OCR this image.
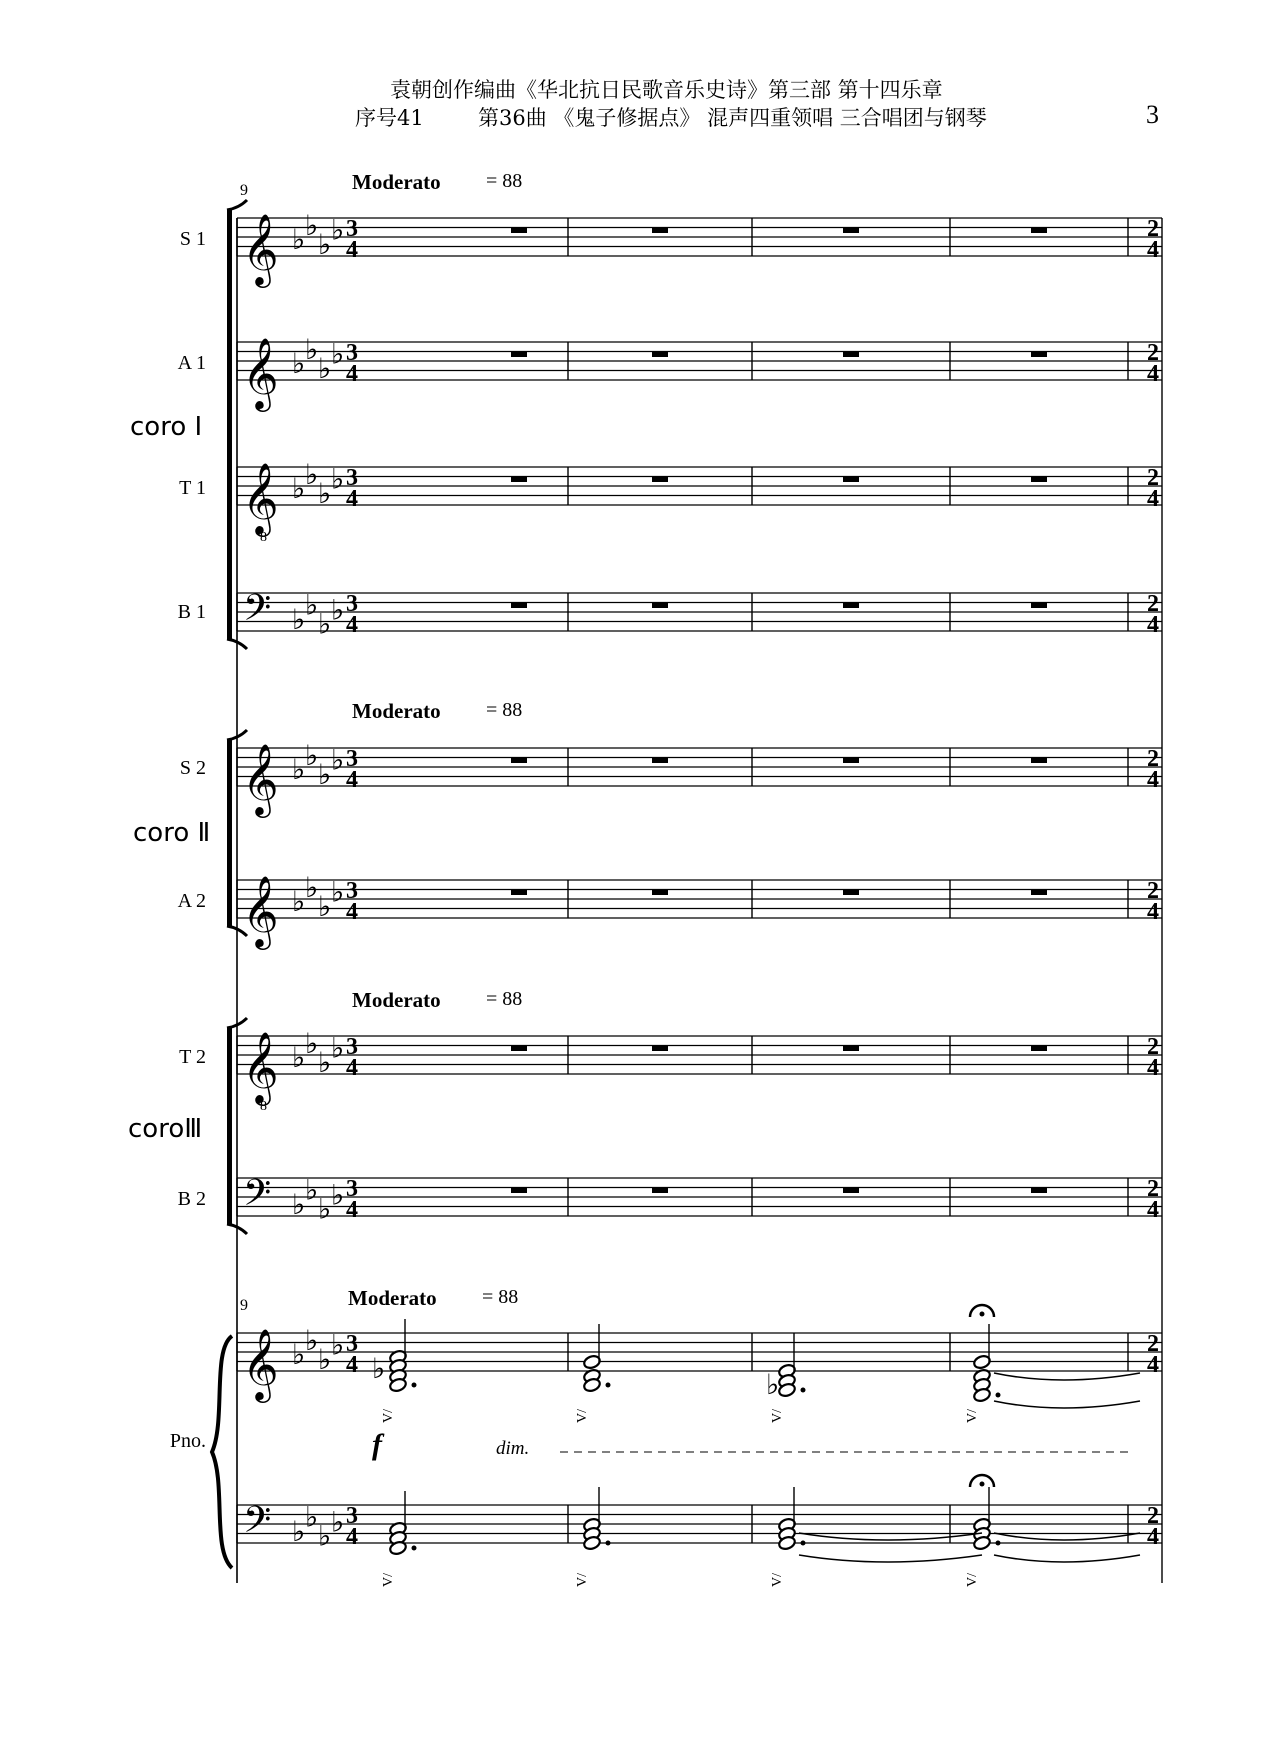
袁朝创作编曲《华北抗日民歌音乐史诗》第三部 第十四乐章
序号41	第36曲 《鬼子修据点》 混声四重领唱 三合唱团与钢琴	3
9
9
Moderato = 88
Moderato = 88
Moderato = 88
Moderato = 88
S 1
A 1
T 1
B 1
S 2
A 2
T 2
B 2
Pno.
coro Ⅰ
coro Ⅱ
coroⅢ
f	dim.
𝄞 ♭ ♭
♭ ♭ 3
4
2
4
𝄞 ♭ ♭
♭ ♭ 3
4
2
4
𝄞
8
♭ ♭
♭ ♭ 3
4
2
4
𝄢 ♭ ♭
♭ ♭ 3
4
2
4
𝄞 ♭ ♭
♭ ♭ 3
4
2
4
𝄞 ♭ ♭
♭ ♭ 3
4
2
4
𝄞
8
♭ ♭
♭ ♭ 3
4
2
4
𝄢 ♭ ♭
♭ ♭ 3
4
2
4
𝄞 ♭ ♭
♭ ♭ 3
4
2
4
𝄢 ♭ ♭
♭ ♭ 3
4
2
4
V/
V/
V/
V/
V/
V/
V/
V/
♭	♭
